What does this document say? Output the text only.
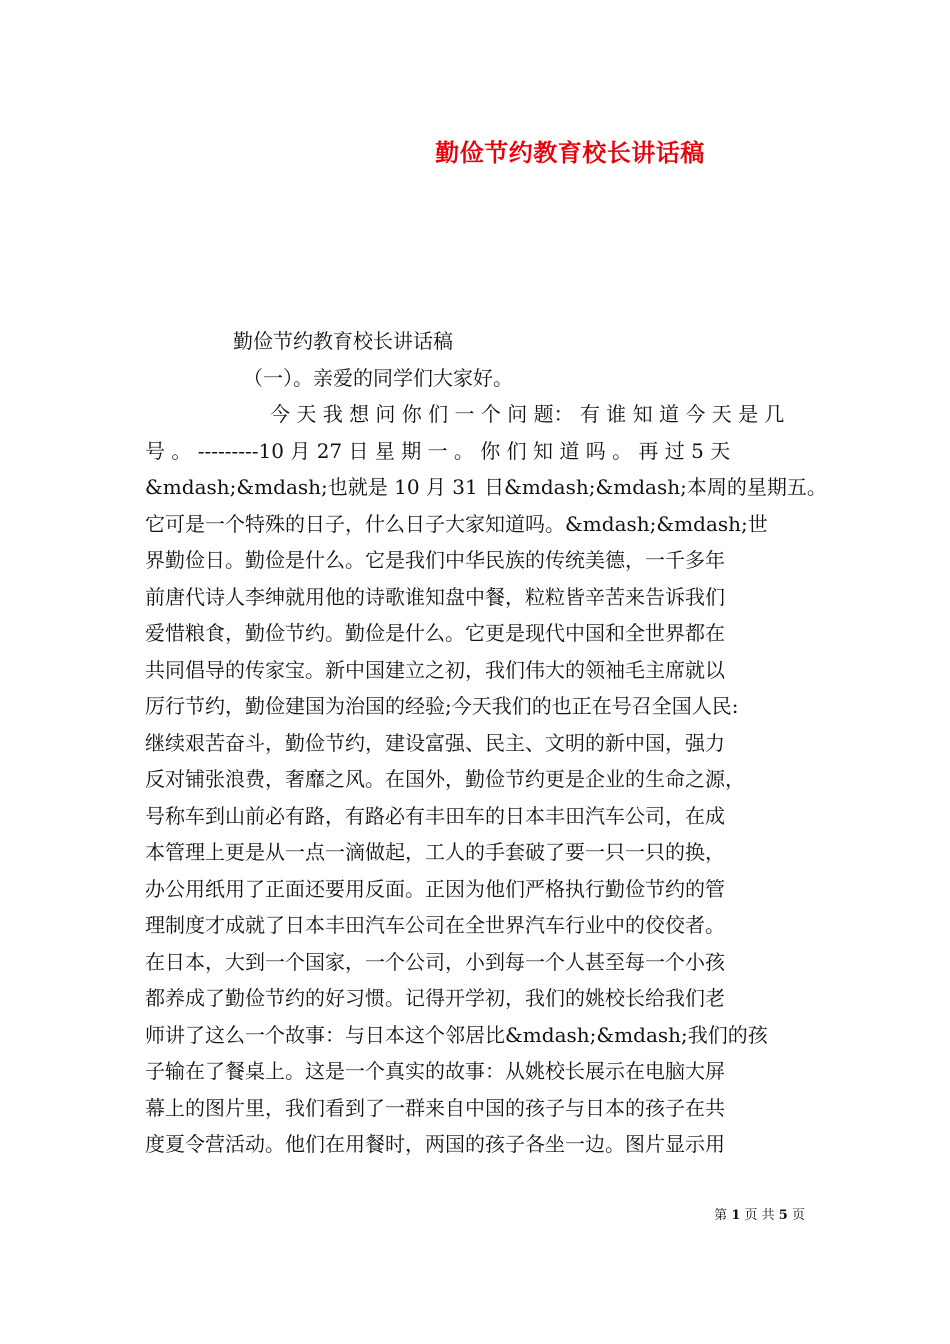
勤俭节约教育校长讲话稿
勤俭节约教育校长讲话稿
（一）。亲爱的同学们大家好。
今 天 我 想 问 你 们 一 个 问 题： 有 谁 知 道 今 天 是 几
号 。 ---------10 月 27 日 星 期 一 。 你 们 知 道 吗 。 再 过 5 天
&mdash;&mdash;也就是 10 月 31 日&mdash;&mdash;本周的星期五。
它可是一个特殊的日子，什么日子大家知道吗。&mdash;&mdash;世
界勤俭日。勤俭是什么。它是我们中华民族的传统美德，一千多年
前唐代诗人李绅就用他的诗歌谁知盘中餐，粒粒皆辛苦来告诉我们
爱惜粮食，勤俭节约。勤俭是什么。它更是现代中国和全世界都在
共同倡导的传家宝。新中国建立之初，我们伟大的领袖毛主席就以
厉行节约，勤俭建国为治国的经验;今天我们的也正在号召全国人民:
继续艰苦奋斗，勤俭节约，建设富强、民主、文明的新中国，强力
反对铺张浪费，奢靡之风。在国外，勤俭节约更是企业的生命之源，
号称车到山前必有路，有路必有丰田车的日本丰田汽车公司，在成
本管理上更是从一点一滴做起，工人的手套破了要一只一只的换，
办公用纸用了正面还要用反面。正因为他们严格执行勤俭节约的管
理制度才成就了日本丰田汽车公司在全世界汽车行业中的佼佼者。
在日本，大到一个国家，一个公司，小到每一个人甚至每一个小孩
都养成了勤俭节约的好习惯。记得开学初，我们的姚校长给我们老
师讲了这么一个故事：与日本这个邻居比&mdash;&mdash;我们的孩
子输在了餐桌上。这是一个真实的故事：从姚校长展示在电脑大屏
幕上的图片里，我们看到了一群来自中国的孩子与日本的孩子在共
度夏令营活动。他们在用餐时，两国的孩子各坐一边。图片显示用
第 1 页 共 5 页
